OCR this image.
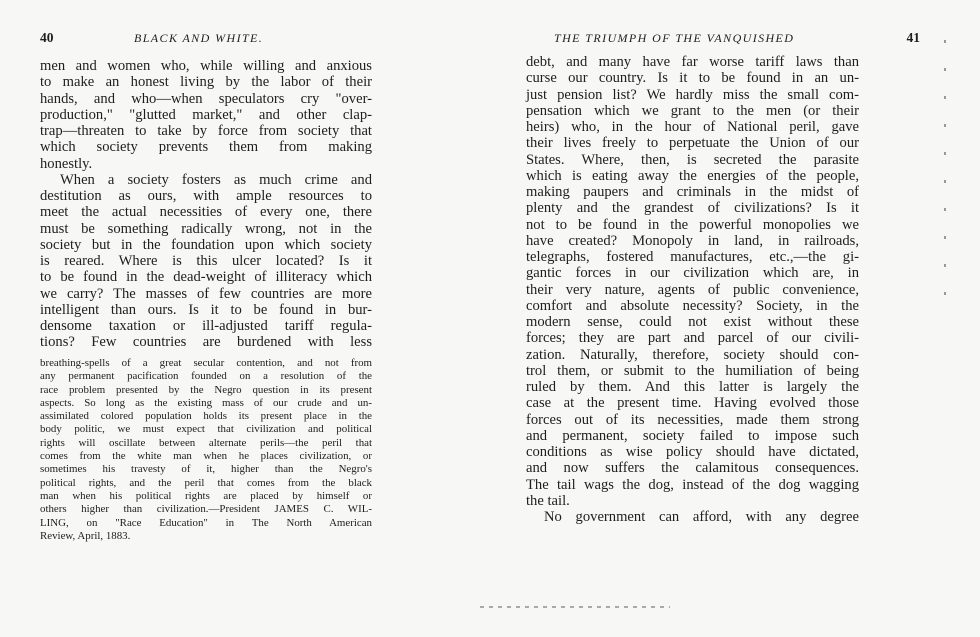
40	BLACK AND WHITE.
men and women who, while willing and anxious
to make an honest living by the labor of their
hands, and who—when speculators cry "over-
production," "glutted market," and other clap-
trap—threaten to take by force from society that
which society prevents them from making
honestly.
When a society fosters as much crime and
destitution as ours, with ample resources to
meet the actual necessities of every one, there
must be something radically wrong, not in the
society but in the foundation upon which society
is reared. Where is this ulcer located? Is it
to be found in the dead-weight of illiteracy which
we carry? The masses of few countries are more
intelligent than ours. Is it to be found in bur-
densome taxation or ill-adjusted tariff regula-
tions? Few countries are burdened with less
breathing-spells of a great secular contention, and not from
any permanent pacification founded on a resolution of the
race problem presented by the Negro question in its present
aspects. So long as the existing mass of our crude and un-
assimilated colored population holds its present place in the
body politic, we must expect that civilization and political
rights will oscillate between alternate perils—the peril that
comes from the white man when he places civilization, or
sometimes his travesty of it, higher than the Negro's
political rights, and the peril that comes from the black
man when his political rights are placed by himself or
others higher than civilization.—President JAMES C. WIL-
LING, on "Race Education" in The North American
Review, April, 1883.
THE TRIUMPH OF THE VANQUISHED	41
debt, and many have far worse tariff laws than
curse our country. Is it to be found in an un-
just pension list? We hardly miss the small com-
pensation which we grant to the men (or their
heirs) who, in the hour of National peril, gave
their lives freely to perpetuate the Union of our
States. Where, then, is secreted the parasite
which is eating away the energies of the people,
making paupers and criminals in the midst of
plenty and the grandest of civilizations? Is it
not to be found in the powerful monopolies we
have created? Monopoly in land, in railroads,
telegraphs, fostered manufactures, etc.,—the gi-
gantic forces in our civilization which are, in
their very nature, agents of public convenience,
comfort and absolute necessity? Society, in the
modern sense, could not exist without these
forces; they are part and parcel of our civili-
zation. Naturally, therefore, society should con-
trol them, or submit to the humiliation of being
ruled by them. And this latter is largely the
case at the present time. Having evolved those
forces out of its necessities, made them strong
and permanent, society failed to impose such
conditions as wise policy should have dictated,
and now suffers the calamitous consequences.
The tail wags the dog, instead of the dog wagging
the tail.
No government can afford, with any degree
